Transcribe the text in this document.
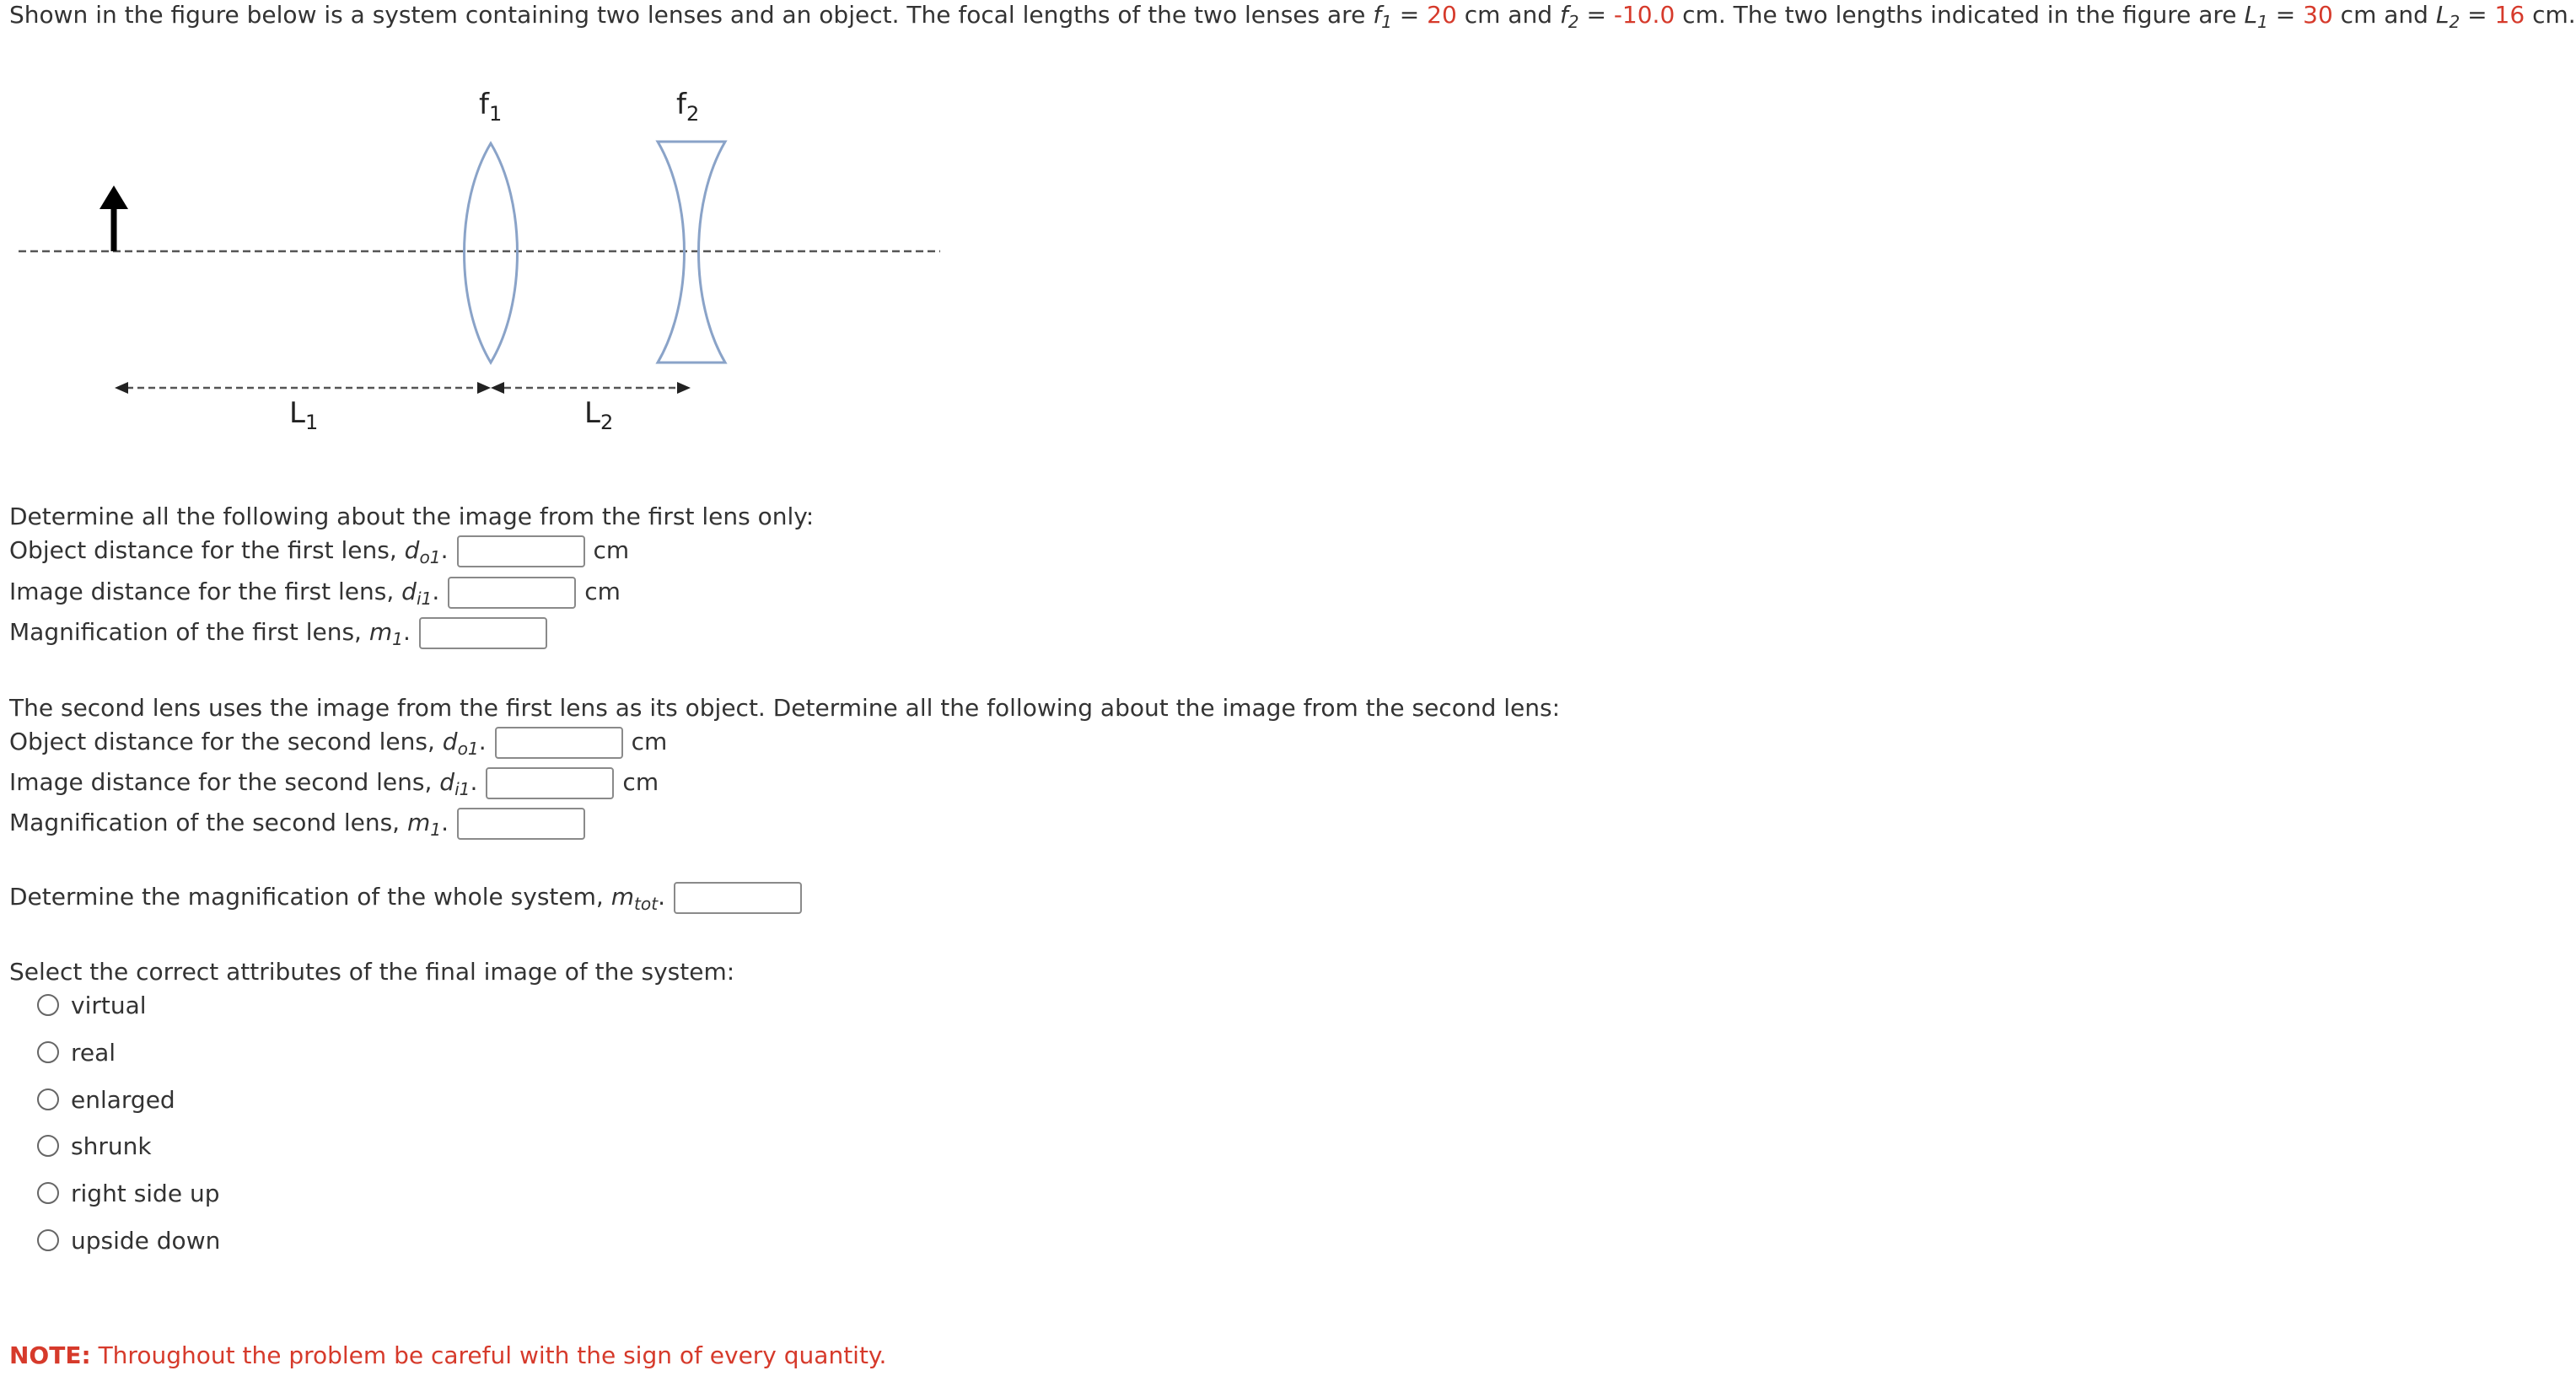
Shown in the figure below is a system containing two lenses and an object. The focal lengths of the two lenses are $f_1 = 20$ cm and $f_2 = -10.0$ cm. The two lengths indicated in the figure are $L_1 = 30$ cm and $L_2 = 16$ cm.
$f_1$	$f_2$
$L_1$	$L_2$
Determine all the following about the image from the first lens only:
Object distance for the first lens, $d_{o1}$.	cm
Image distance for the first lens, $d_{i1}$.	cm
Magnification of the first lens, $m_1$.
The second lens uses the image from the first lens as its object. Determine all the following about the image from the second lens:
Object distance for the second lens, $d_{o1}$.	cm
Image distance for the second lens, $d_{i1}$.	cm
Magnification of the second lens, $m_1$.
Determine the magnification of the whole system, $m_{tot}$.
Select the correct attributes of the final image of the system:
virtual
real
enlarged
shrunk
right side up
upside down
NOTE: Throughout the problem be careful with the sign of every quantity.
